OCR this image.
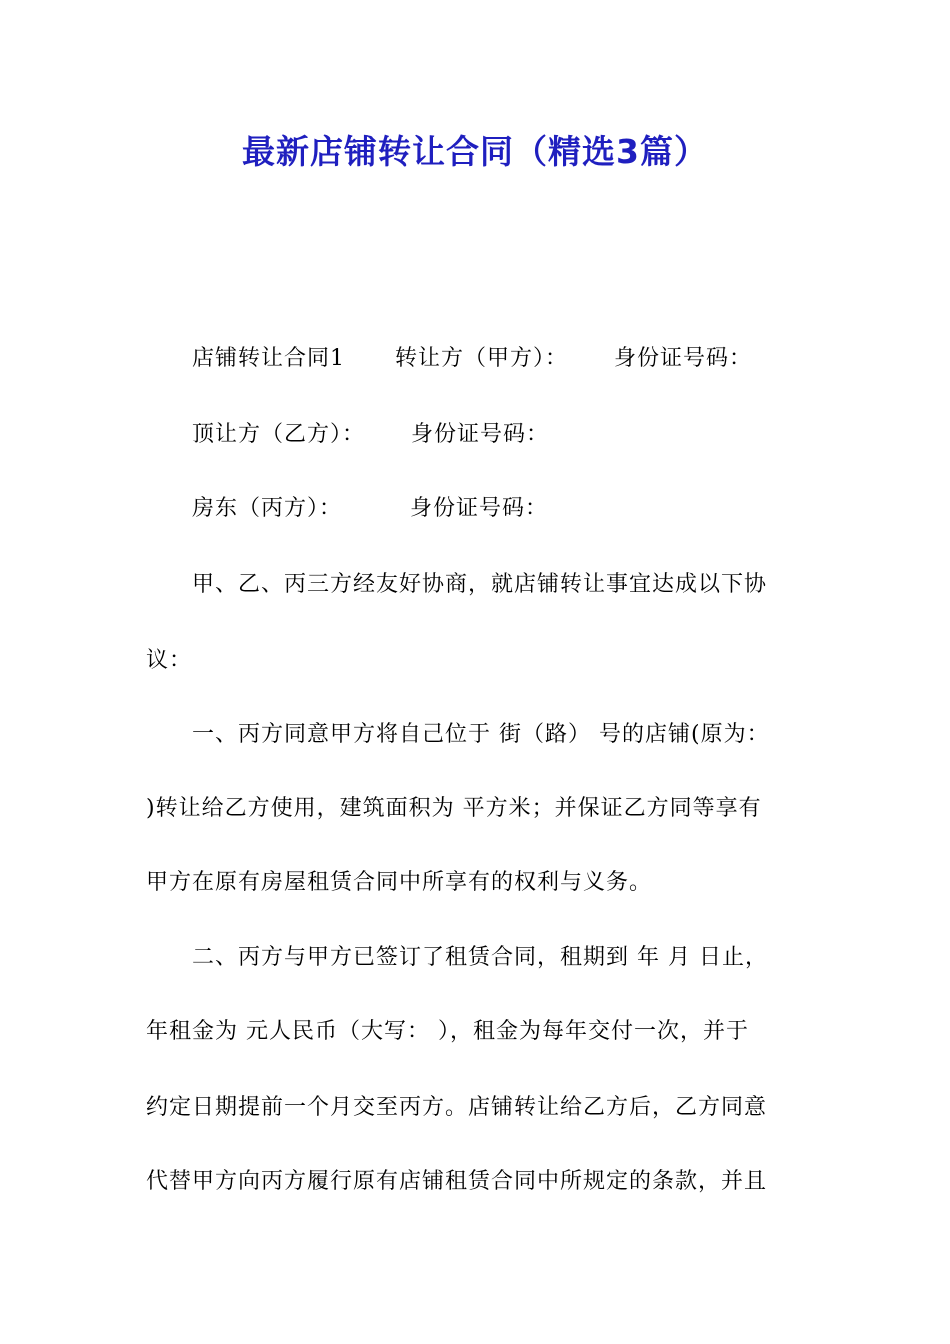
最新店铺转让合同（精选3篇）
店铺转让合同1 转让方（甲方）： 身份证号码：
顶让方（乙方）： 身份证号码：
房东（丙方）：	身份证号码：
甲、乙、丙三方经友好协商，就店铺转让事宜达成以下协
议：
一、丙方同意甲方将自己位于 街（路） 号的店铺(原为：
)转让给乙方使用，建筑面积为 平方米；并保证乙方同等享有
甲方在原有房屋租赁合同中所享有的权利与义务。
二、丙方与甲方已签订了租赁合同，租期到 年 月 日止，
年租金为 元人民币（大写： ），租金为每年交付一次，并于
约定日期提前一个月交至丙方。店铺转让给乙方后，乙方同意
代替甲方向丙方履行原有店铺租赁合同中所规定的条款，并且
